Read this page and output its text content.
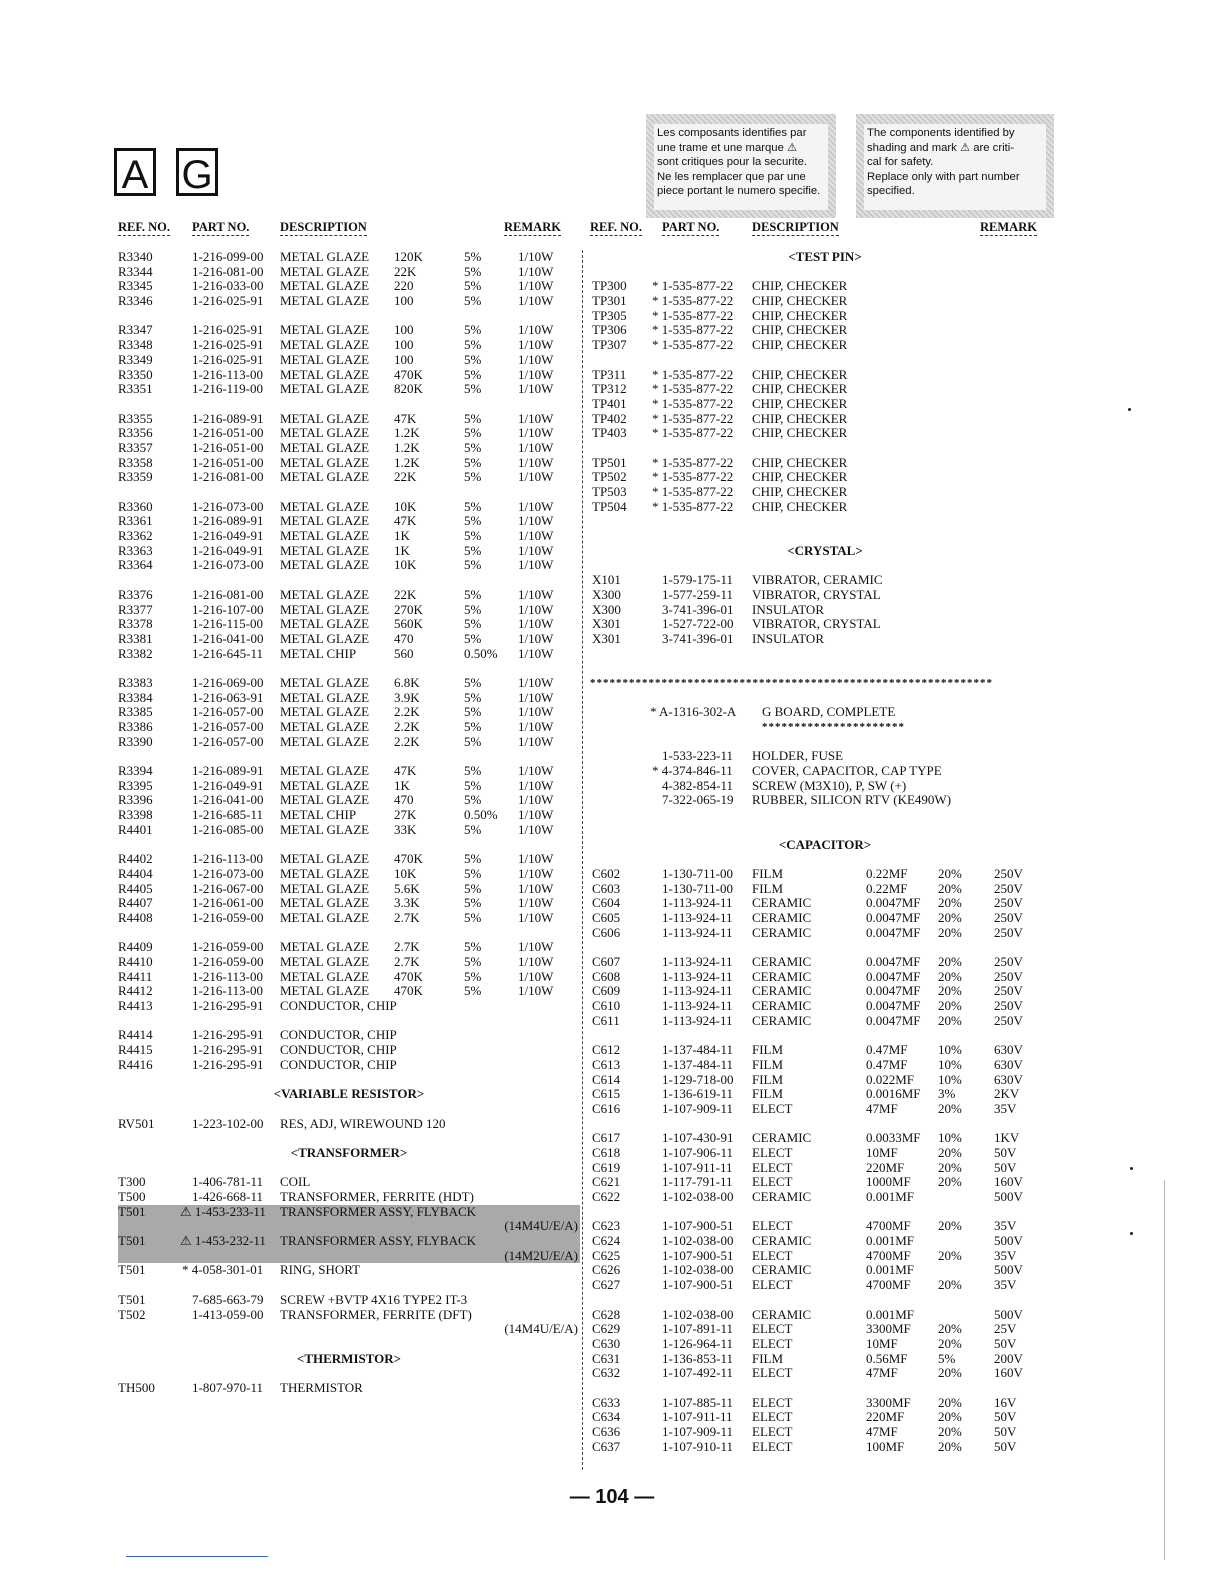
A G
Les composants identifies par
une trame et une marque ⚠
sont critiques pour la securite.
Ne les remplacer que par une
piece portant le numero specifie.
The components identified by
shading and mark ⚠ are criti-
cal for safety.
Replace only with part number
specified.
REF. NO. PART NO. DESCRIPTION	REMARK REF. NO. PART NO.	DESCRIPTION	REMARK
R3340	1-216-099-00 METAL GLAZE 120K	5%	1/10W
R3344	1-216-081-00 METAL GLAZE 22K	5%	1/10W
R3345	1-216-033-00 METAL GLAZE 220	5%	1/10W
R3346	1-216-025-91 METAL GLAZE 100	5%	1/10W

R3347	1-216-025-91 METAL GLAZE 100	5%	1/10W
R3348	1-216-025-91 METAL GLAZE 100	5%	1/10W
R3349	1-216-025-91 METAL GLAZE 100	5%	1/10W
R3350	1-216-113-00 METAL GLAZE 470K	5%	1/10W
R3351	1-216-119-00 METAL GLAZE 820K	5%	1/10W

R3355	1-216-089-91 METAL GLAZE 47K	5%	1/10W
R3356	1-216-051-00 METAL GLAZE 1.2K	5%	1/10W
R3357	1-216-051-00 METAL GLAZE 1.2K	5%	1/10W
R3358	1-216-051-00 METAL GLAZE 1.2K	5%	1/10W
R3359	1-216-081-00 METAL GLAZE 22K	5%	1/10W

R3360	1-216-073-00 METAL GLAZE 10K	5%	1/10W
R3361	1-216-089-91 METAL GLAZE 47K	5%	1/10W
R3362	1-216-049-91 METAL GLAZE 1K	5%	1/10W
R3363	1-216-049-91 METAL GLAZE 1K	5%	1/10W
R3364	1-216-073-00 METAL GLAZE 10K	5%	1/10W

R3376	1-216-081-00 METAL GLAZE 22K	5%	1/10W
R3377	1-216-107-00 METAL GLAZE 270K	5%	1/10W
R3378	1-216-115-00 METAL GLAZE 560K	5%	1/10W
R3381	1-216-041-00 METAL GLAZE 470	5%	1/10W
R3382	1-216-645-11 METAL CHIP	560	0.50% 1/10W

R3383	1-216-069-00 METAL GLAZE 6.8K	5%	1/10W
R3384	1-216-063-91 METAL GLAZE 3.9K	5%	1/10W
R3385	1-216-057-00 METAL GLAZE 2.2K	5%	1/10W
R3386	1-216-057-00 METAL GLAZE 2.2K	5%	1/10W
R3390	1-216-057-00 METAL GLAZE 2.2K	5%	1/10W

R3394	1-216-089-91 METAL GLAZE 47K	5%	1/10W
R3395	1-216-049-91 METAL GLAZE 1K	5%	1/10W
R3396	1-216-041-00 METAL GLAZE 470	5%	1/10W
R3398	1-216-685-11 METAL CHIP	27K	0.50% 1/10W
R4401	1-216-085-00 METAL GLAZE 33K	5%	1/10W

R4402	1-216-113-00 METAL GLAZE 470K	5%	1/10W
R4404	1-216-073-00 METAL GLAZE 10K	5%	1/10W
R4405	1-216-067-00 METAL GLAZE 5.6K	5%	1/10W
R4407	1-216-061-00 METAL GLAZE 3.3K	5%	1/10W
R4408	1-216-059-00 METAL GLAZE 2.7K	5%	1/10W

R4409	1-216-059-00 METAL GLAZE 2.7K	5%	1/10W
R4410	1-216-059-00 METAL GLAZE 2.7K	5%	1/10W
R4411	1-216-113-00 METAL GLAZE 470K	5%	1/10W
R4412	1-216-113-00 METAL GLAZE 470K	5%	1/10W
R4413	1-216-295-91 CONDUCTOR, CHIP

R4414	1-216-295-91 CONDUCTOR, CHIP
R4415	1-216-295-91 CONDUCTOR, CHIP
R4416	1-216-295-91 CONDUCTOR, CHIP

<VARIABLE RESISTOR>

RV501	1-223-102-00 RES, ADJ, WIREWOUND 120

<TRANSFORMER>

T300	1-406-781-11 COIL
T500	1-426-668-11 TRANSFORMER, FERRITE (HDT)
T501	⚠ 1-453-233-11 TRANSFORMER ASSY, FLYBACK
(14M4U/E/A)
T501	⚠ 1-453-232-11 TRANSFORMER ASSY, FLYBACK
(14M2U/E/A)
T501	* 4-058-301-01 RING, SHORT

T501	7-685-663-79 SCREW +BVTP 4X16 TYPE2 IT-3
T502	1-413-059-00 TRANSFORMER, FERRITE (DFT)
(14M4U/E/A)

<THERMISTOR>

TH500	1-807-970-11 THERMISTOR
<TEST PIN>

TP300 * 1-535-877-22 CHIP, CHECKER
TP301 * 1-535-877-22 CHIP, CHECKER
TP305 * 1-535-877-22 CHIP, CHECKER
TP306 * 1-535-877-22 CHIP, CHECKER
TP307 * 1-535-877-22 CHIP, CHECKER

TP311 * 1-535-877-22 CHIP, CHECKER
TP312 * 1-535-877-22 CHIP, CHECKER
TP401 * 1-535-877-22 CHIP, CHECKER
TP402 * 1-535-877-22 CHIP, CHECKER
TP403 * 1-535-877-22 CHIP, CHECKER

TP501 * 1-535-877-22 CHIP, CHECKER
TP502 * 1-535-877-22 CHIP, CHECKER
TP503 * 1-535-877-22 CHIP, CHECKER
TP504 * 1-535-877-22 CHIP, CHECKER

<CRYSTAL>

X101	1-579-175-11 VIBRATOR, CERAMIC
X300	1-577-259-11 VIBRATOR, CRYSTAL
X300	3-741-396-01 INSULATOR
X301	1-527-722-00 VIBRATOR, CRYSTAL
X301	3-741-396-01 INSULATOR

**************************************************************

* A-1316-302-A G BOARD, COMPLETE
**********************

1-533-223-11 HOLDER, FUSE
* 4-374-846-11 COVER, CAPACITOR, CAP TYPE
4-382-854-11 SCREW (M3X10), P, SW (+)
7-322-065-19 RUBBER, SILICON RTV (KE490W)

<CAPACITOR>

C602	1-130-711-00 FILM	0.22MF 20% 250V
C603	1-130-711-00 FILM	0.22MF 20% 250V
C604	1-113-924-11 CERAMIC	0.0047MF 20% 250V
C605	1-113-924-11 CERAMIC	0.0047MF 20% 250V
C606	1-113-924-11 CERAMIC	0.0047MF 20% 250V

C607	1-113-924-11 CERAMIC	0.0047MF 20% 250V
C608	1-113-924-11 CERAMIC	0.0047MF 20% 250V
C609	1-113-924-11 CERAMIC	0.0047MF 20% 250V
C610	1-113-924-11 CERAMIC	0.0047MF 20% 250V
C611	1-113-924-11 CERAMIC	0.0047MF 20% 250V

C612	1-137-484-11 FILM	0.47MF 10% 630V
C613	1-137-484-11 FILM	0.47MF 10% 630V
C614	1-129-718-00 FILM	0.022MF 10% 630V
C615	1-136-619-11 FILM	0.0016MF 3%	2KV
C616	1-107-909-11 ELECT	47MF	20% 35V

C617	1-107-430-91 CERAMIC	0.0033MF 10% 1KV
C618	1-107-906-11 ELECT	10MF	20% 50V
C619	1-107-911-11 ELECT	220MF	20% 50V
C621	1-117-791-11 ELECT	1000MF 20% 160V
C622	1-102-038-00 CERAMIC	0.001MF	500V

C623	1-107-900-51 ELECT	4700MF 20% 35V
C624	1-102-038-00 CERAMIC	0.001MF	500V
C625	1-107-900-51 ELECT	4700MF 20% 35V
C626	1-102-038-00 CERAMIC	0.001MF	500V
C627	1-107-900-51 ELECT	4700MF 20% 35V

C628	1-102-038-00 CERAMIC	0.001MF	500V
C629	1-107-891-11 ELECT	3300MF 20% 25V
C630	1-126-964-11 ELECT	10MF	20% 50V
C631	1-136-853-11 FILM	0.56MF 5%	200V
C632	1-107-492-11 ELECT	47MF	20% 160V

C633	1-107-885-11 ELECT	3300MF 20% 16V
C634	1-107-911-11 ELECT	220MF	20% 50V
C636	1-107-909-11 ELECT	47MF	20% 50V
C637	1-107-910-11 ELECT	100MF	20% 50V
— 104 —
